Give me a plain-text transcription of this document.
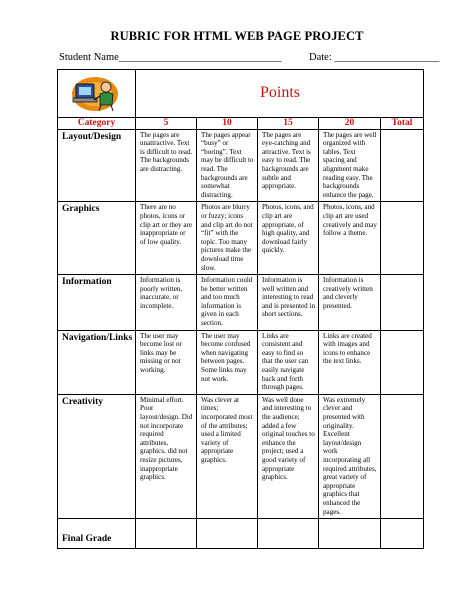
RUBRIC FOR HTML WEB PAGE PROJECT
Student Name_______________________________	Date: ____________________
	Points				
Category	5	10	15	20	Total
Layout/Design	The pages are unattractive. Text is difficult to read. The backgrounds are distracting.	The pages appear “busy” or “boring”. Text may be difficult to read. The backgrounds are somewhat distracting.	The pages are eye-catching and attractive. Text is easy to read. The backgrounds are subtle and appropriate.	The pages are well organized with tables. Text spacing and alignment make reading easy. The backgrounds enhance the page.	
Graphics	There are no photos, icons or clip art or they are inappropriate or of low quality.	Photos are blurry or fuzzy; icons and clip art do not “fit” with the topic. Too many pictures make the download time slow.	Photos, icons, and clip art are appropriate, of high quality, and download fairly quickly.	Photos, icons, and clip art are used creatively and may follow a theme.	
Information	Information is poorly written, inaccurate, or incomplete.	Information could be better written and too much information is given in each section.	Information is well written and interesting to read and is presented in short sections.	Information is creatively written and cleverly presented.	
Navigation/Links	The user may become lost or links may be missing or not working.	The user may become confused when navigating between pages. Some links may not work.	Links are consistent and easy to find so that the user can easily navigate back and forth through pages.	Links are created with images and icons to enhance the text links.	
Creativity	Minimal effort. Poor layout/design. Did not incorporate required attributes, graphics, did not resize pictures, inappropriate graphics.	Was clever at times; incorporated most of the attributes; used a limited variety of appropriate graphics.	Was well done and interesting to the audience; added a few original touches to enhance the project; used a good variety of appropriate graphics.	Was extremely clever and presented with originality. Excellent layout/design work incorporating all required attributes, great variety of appropriate graphics that enhanced the pages.	
Final Grade					
